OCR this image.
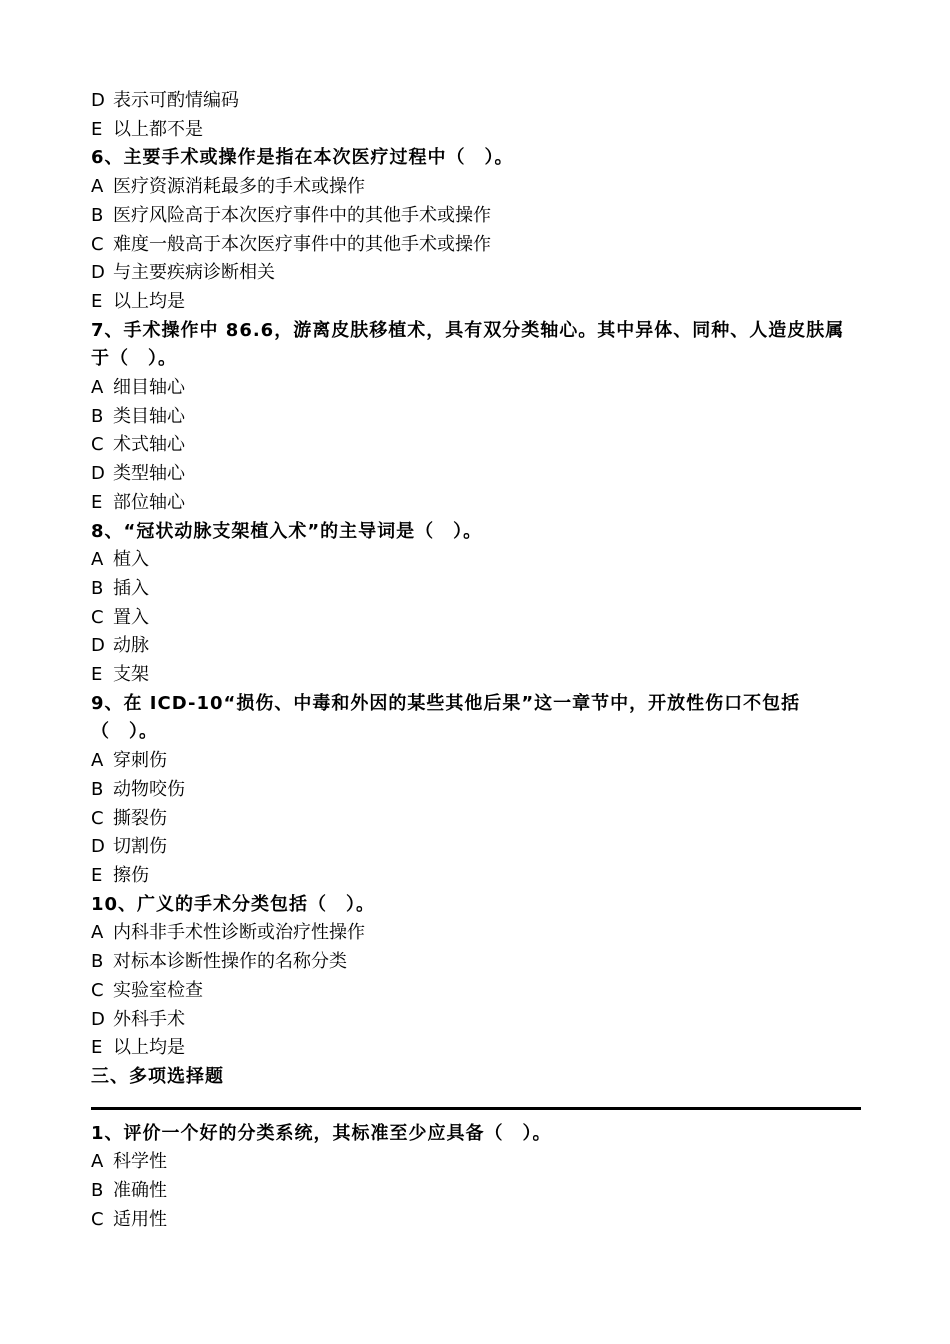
D 表示可酌情编码
E 以上都不是
6、主要手术或操作是指在本次医疗过程中（　）。
A 医疗资源消耗最多的手术或操作
B 医疗风险高于本次医疗事件中的其他手术或操作
C 难度一般高于本次医疗事件中的其他手术或操作
D 与主要疾病诊断相关
E 以上均是
7、手术操作中 86.6，游离皮肤移植术，具有双分类轴心。其中异体、同种、人造皮肤属于（　）。
A 细目轴心
B 类目轴心
C 术式轴心
D 类型轴心
E 部位轴心
8、“冠状动脉支架植入术”的主导词是（　）。
A 植入
B 插入
C 置入
D 动脉
E 支架
9、在 ICD-10“损伤、中毒和外因的某些其他后果”这一章节中，开放性伤口不包括（　）。
A 穿刺伤
B 动物咬伤
C 撕裂伤
D 切割伤
E 擦伤
10、广义的手术分类包括（　）。
A 内科非手术性诊断或治疗性操作
B 对标本诊断性操作的名称分类
C 实验室检查
D 外科手术
E 以上均是
三、多项选择题
1、评价一个好的分类系统，其标准至少应具备（　）。
A 科学性
B 准确性
C 适用性
